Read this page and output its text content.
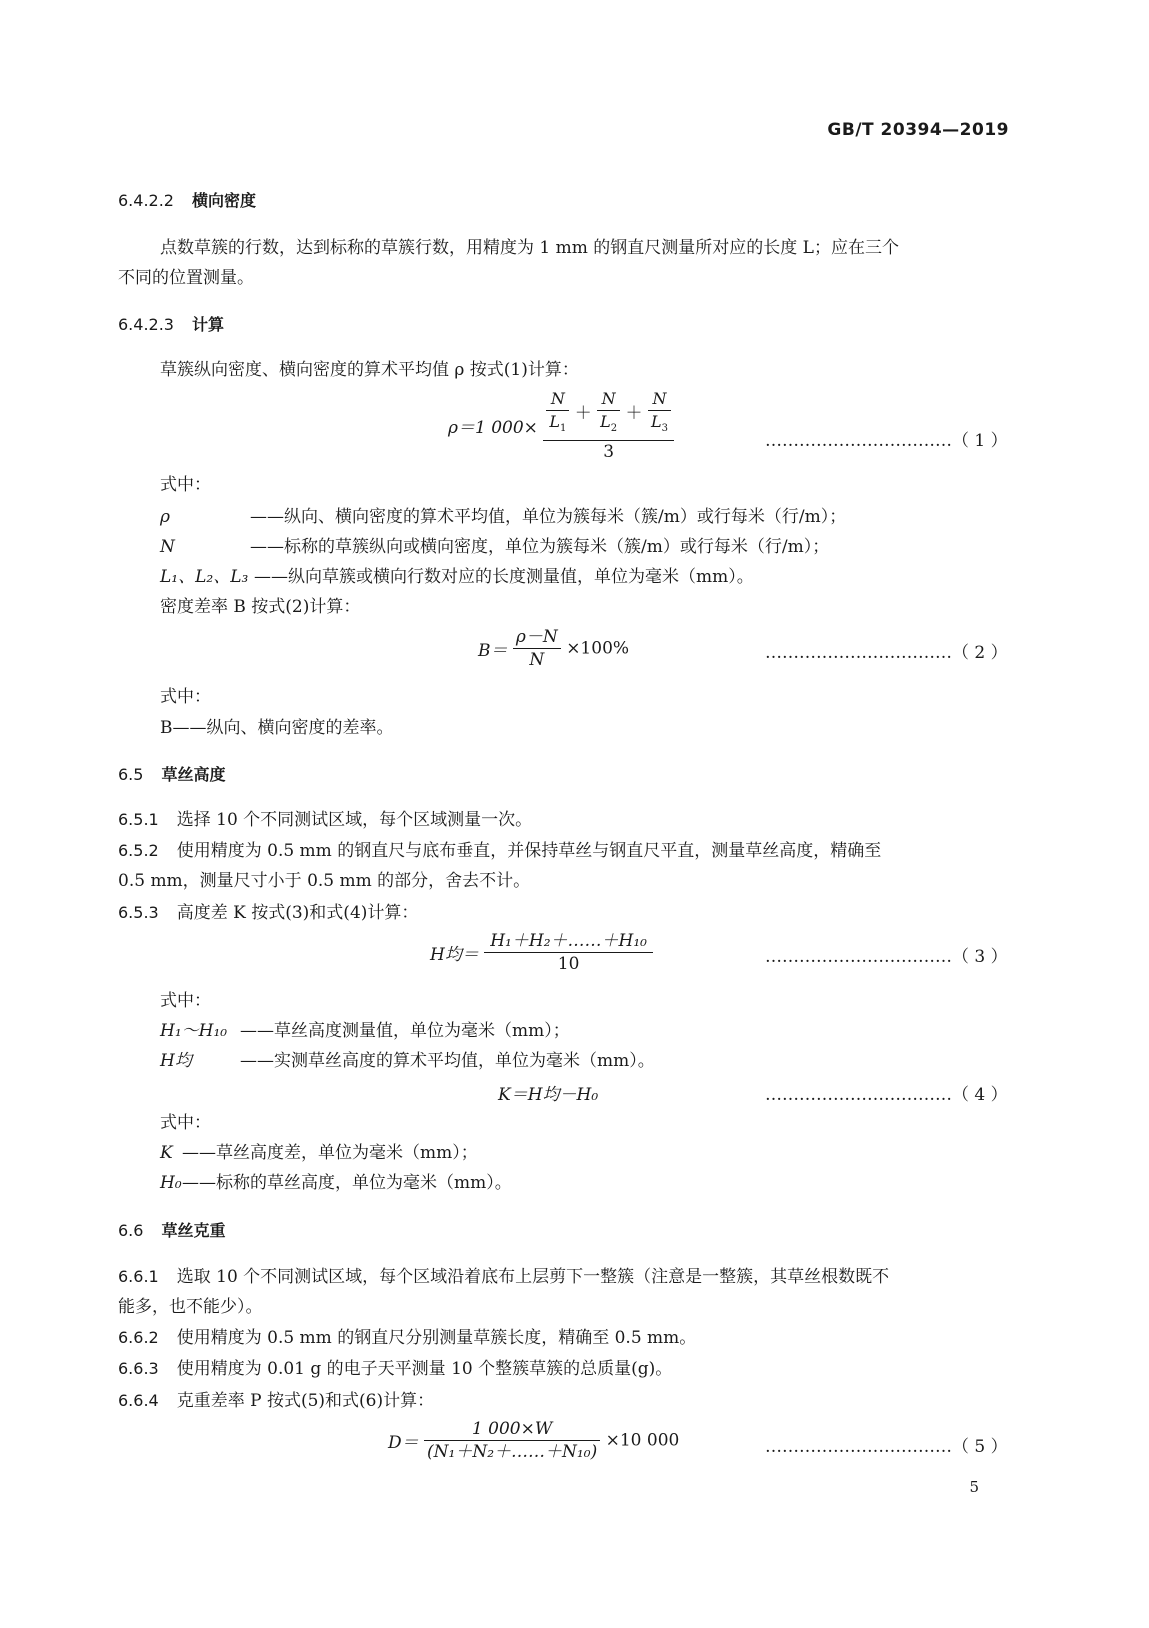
GB/T 20394—2019
6.4.2.2 横向密度
点数草簇的行数，达到标称的草簇行数，用精度为 1 mm 的钢直尺测量所对应的长度 L；应在三个
不同的位置测量。
6.4.2.3 计算
草簇纵向密度、横向密度的算术平均值 ρ 按式(1)计算：
ρ＝1 $000\times \frac{\frac{N}{L_1} + \frac{N}{L_2} + \frac{N}{L_3}}{3}$	……………………………（ 1 ）
式中：
ρ	——纵向、横向密度的算术平均值，单位为簇每米（簇/m）或行每米（行/m）；
N	——标称的草簇纵向或横向密度，单位为簇每米（簇/m）或行每米（行/m）；
L₁、L₂、L₃ ——纵向草簇或横向行数对应的长度测量值，单位为毫米（mm）。
密度差率 B 按式(2)计算：
$B= \frac{\rho-N}{N} \times 100\%$	……………………………（ 2 ）
式中：
B——纵向、横向密度的差率。
6.5 草丝高度
6.5.1 选择 10 个不同测试区域，每个区域测量一次。
6.5.2 使用精度为 0.5 mm 的钢直尺与底布垂直，并保持草丝与钢直尺平直，测量草丝高度，精确至
0.5 mm，测量尺寸小于 0.5 mm 的部分，舍去不计。
6.5.3 高度差 K 按式(3)和式(4)计算：
H均＝ $\frac{\text{H₁＋H₂＋……＋H₁₀}}{10}$	……………………………（ 3 ）
式中：
H₁～H₁₀ ——草丝高度测量值，单位为毫米（mm）；
H均	——实测草丝高度的算术平均值，单位为毫米（mm）。
K＝H均－H₀	……………………………（ 4 ）
式中：
K ——草丝高度差，单位为毫米（mm）；
H₀——标称的草丝高度，单位为毫米（mm）。
6.6 草丝克重
6.6.1 选取 10 个不同测试区域，每个区域沿着底布上层剪下一整簇（注意是一整簇，其草丝根数既不
能多，也不能少）。
6.6.2 使用精度为 0.5 mm 的钢直尺分别测量草簇长度，精确至 0.5 mm。
6.6.3 使用精度为 0.01 g 的电子天平测量 10 个整簇草簇的总质量(g)。
6.6.4 克重差率 P 按式(5)和式(6)计算：
$D= \frac{1 000\times W}{\text{(N₁＋N₂＋……＋N₁₀)}} \times 10$ 000	……………………………（ 5 ）
5
